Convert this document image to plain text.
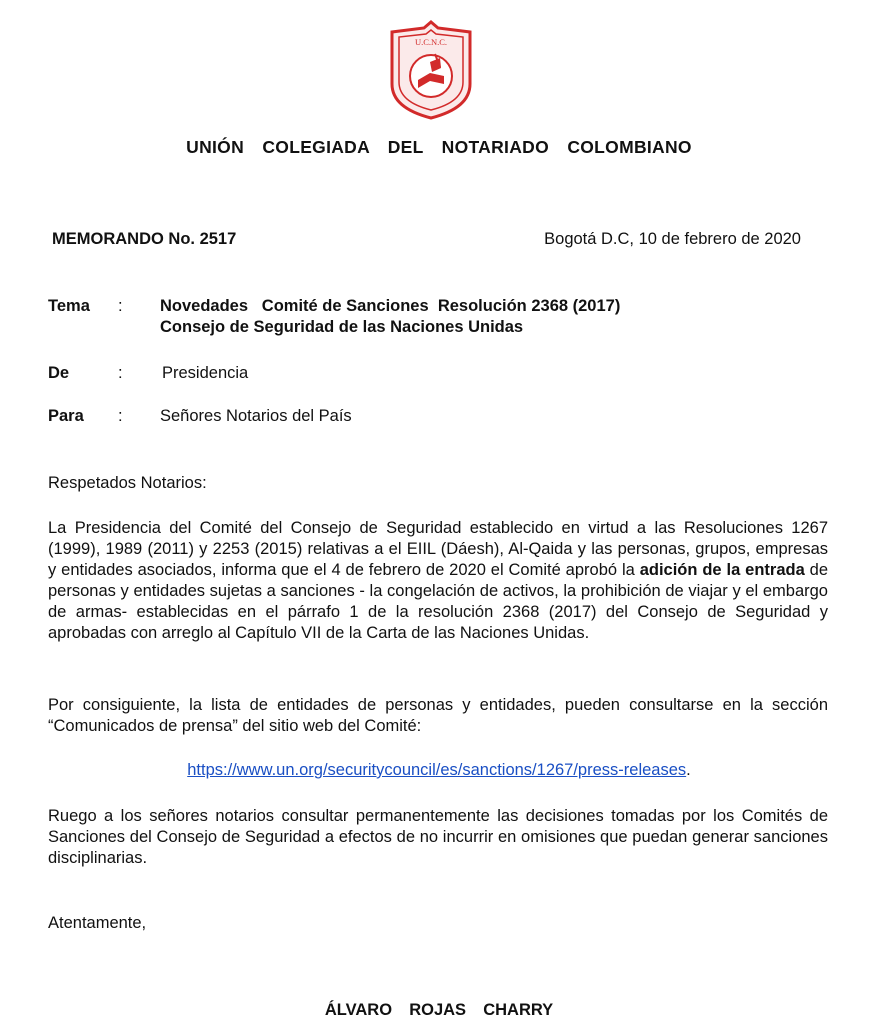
U.C.N.C.
UNIÓN  COLEGIADA  DEL  NOTARIADO  COLOMBIANO
MEMORANDO No. 2517	Bogotá D.C, 10 de febrero de 2020
Tema : Novedades   Comité de Sanciones  Resolución 2368 (2017)
Consejo de Seguridad de las Naciones Unidas
De	: Presidencia
Para : Señores Notarios del País
Respetados Notarios:
La Presidencia del Comité del Consejo de Seguridad establecido en virtud a las Resoluciones 1267 (1999), 1989 (2011) y 2253 (2015) relativas a el EIIL (Dáesh), Al-Qaida y las personas, grupos, empresas y entidades asociados, informa que el 4 de febrero de 2020 el Comité aprobó la adición de la entrada de personas y entidades sujetas a sanciones - la congelación de activos, la prohibición de viajar y el embargo de armas- establecidas en el párrafo 1 de la resolución 2368 (2017) del Consejo de Seguridad y aprobadas con arreglo al Capítulo VII de la Carta de las Naciones Unidas.
Por consiguiente, la lista de entidades de personas y entidades, pueden consultarse en la sección “Comunicados de prensa” del sitio web del Comité:
https://www.un.org/securitycouncil/es/sanctions/1267/press-releases.
Ruego a los señores notarios consultar permanentemente las decisiones tomadas por los Comités de Sanciones del Consejo de Seguridad a efectos de no incurrir en omisiones que puedan generar sanciones disciplinarias.
Atentamente,
ÁLVARO  ROJAS  CHARRY
